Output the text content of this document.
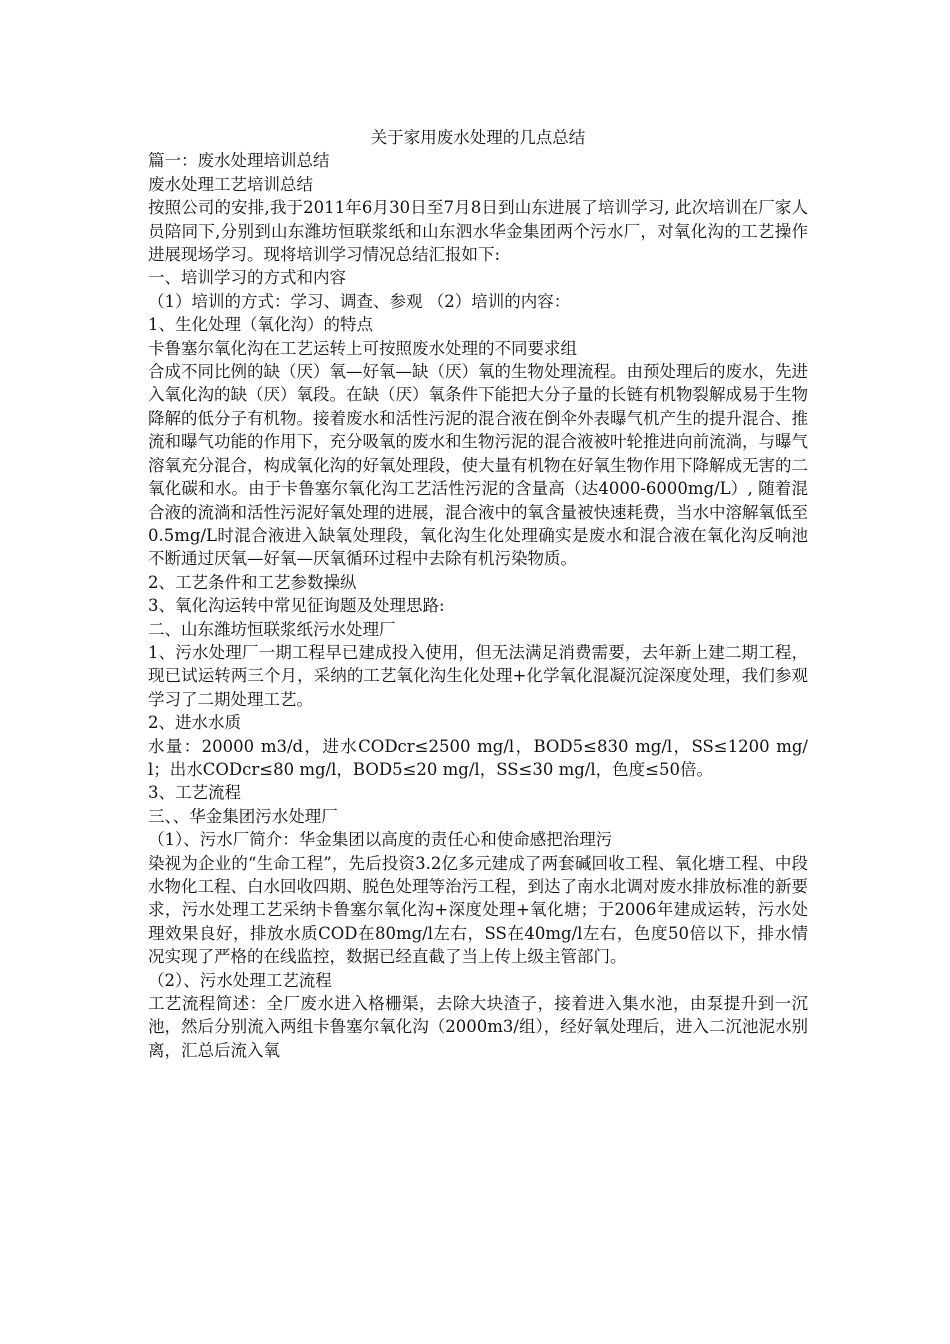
关于家用废水处理的几点总结

篇一：废水处理培训总结

废水处理工艺培训总结

按照公司的安排,我于2011年6月30日至7月8日到山东进展了培训学习, 此次培训在厂家人员陪同下,分别到山东潍坊恒联浆纸和山东泗水华金集团两个污水厂，对氧化沟的工艺操作进展现场学习。现将培训学习情况总结汇报如下:

一、培训学习的方式和内容

（1）培训的方式：学习、调查、参观 （2）培训的内容：

1、生化处理（氧化沟）的特点

卡鲁塞尔氧化沟在工艺运转上可按照废水处理的不同要求组

合成不同比例的缺（厌）氧—好氧—缺（厌）氧的生物处理流程。由预处理后的废水，先进入氧化沟的缺（厌）氧段。在缺（厌）氧条件下能把大分子量的长链有机物裂解成易于生物降解的低分子有机物。接着废水和活性污泥的混合液在倒伞外表曝气机产生的提升混合、推流和曝气功能的作用下，充分吸氧的废水和生物污泥的混合液被叶轮推进向前流淌，与曝气溶氧充分混合，构成氧化沟的好氧处理段，使大量有机物在好氧生物作用下降解成无害的二氧化碳和水。由于卡鲁塞尔氧化沟工艺活性污泥的含量高（达4000-6000mg/L）, 随着混合液的流淌和活性污泥好氧处理的进展，混合液中的氧含量被快速耗费，当水中溶解氧低至0.5mg/L时混合液进入缺氧处理段，氧化沟生化处理确实是废水和混合液在氧化沟反响池不断通过厌氧—好氧—厌氧循环过程中去除有机污染物质。

2、工艺条件和工艺参数操纵

3、氧化沟运转中常见征询题及处理思路:

二、山东潍坊恒联浆纸污水处理厂

1、污水处理厂一期工程早已建成投入使用，但无法满足消费需要，去年新上建二期工程，现已试运转两三个月，采纳的工艺氧化沟生化处理+化学氧化混凝沉淀深度处理，我们参观学习了二期处理工艺。

2、进水水质

水量：20000 m3/d，进水CODcr≤2500 mg/l，BOD5≤830 mg/l，SS≤1200 mg/l；出水CODcr≤80 mg/l，BOD5≤20 mg/l，SS≤30 mg/l，色度≤50倍。

3、工艺流程

三、、华金集团污水处理厂

（1）、污水厂简介：华金集团以高度的责任心和使命感把治理污

染视为企业的“生命工程”，先后投资3.2亿多元建成了两套碱回收工程、氧化塘工程、中段水物化工程、白水回收四期、脱色处理等治污工程，到达了南水北调对废水排放标准的新要求，污水处理工艺采纳卡鲁塞尔氧化沟+深度处理+氧化塘；于2006年建成运转，污水处理效果良好，排放水质COD在80mg/l左右，SS在40mg/l左右，色度50倍以下，排水情况实现了严格的在线监控，数据已经直截了当上传上级主管部门。

（2）、污水处理工艺流程

工艺流程简述：全厂废水进入格栅渠，去除大块渣子，接着进入集水池，由泵提升到一沉池，然后分别流入两组卡鲁塞尔氧化沟（2000m3/组），经好氧处理后，进入二沉池泥水别离，汇总后流入氧
